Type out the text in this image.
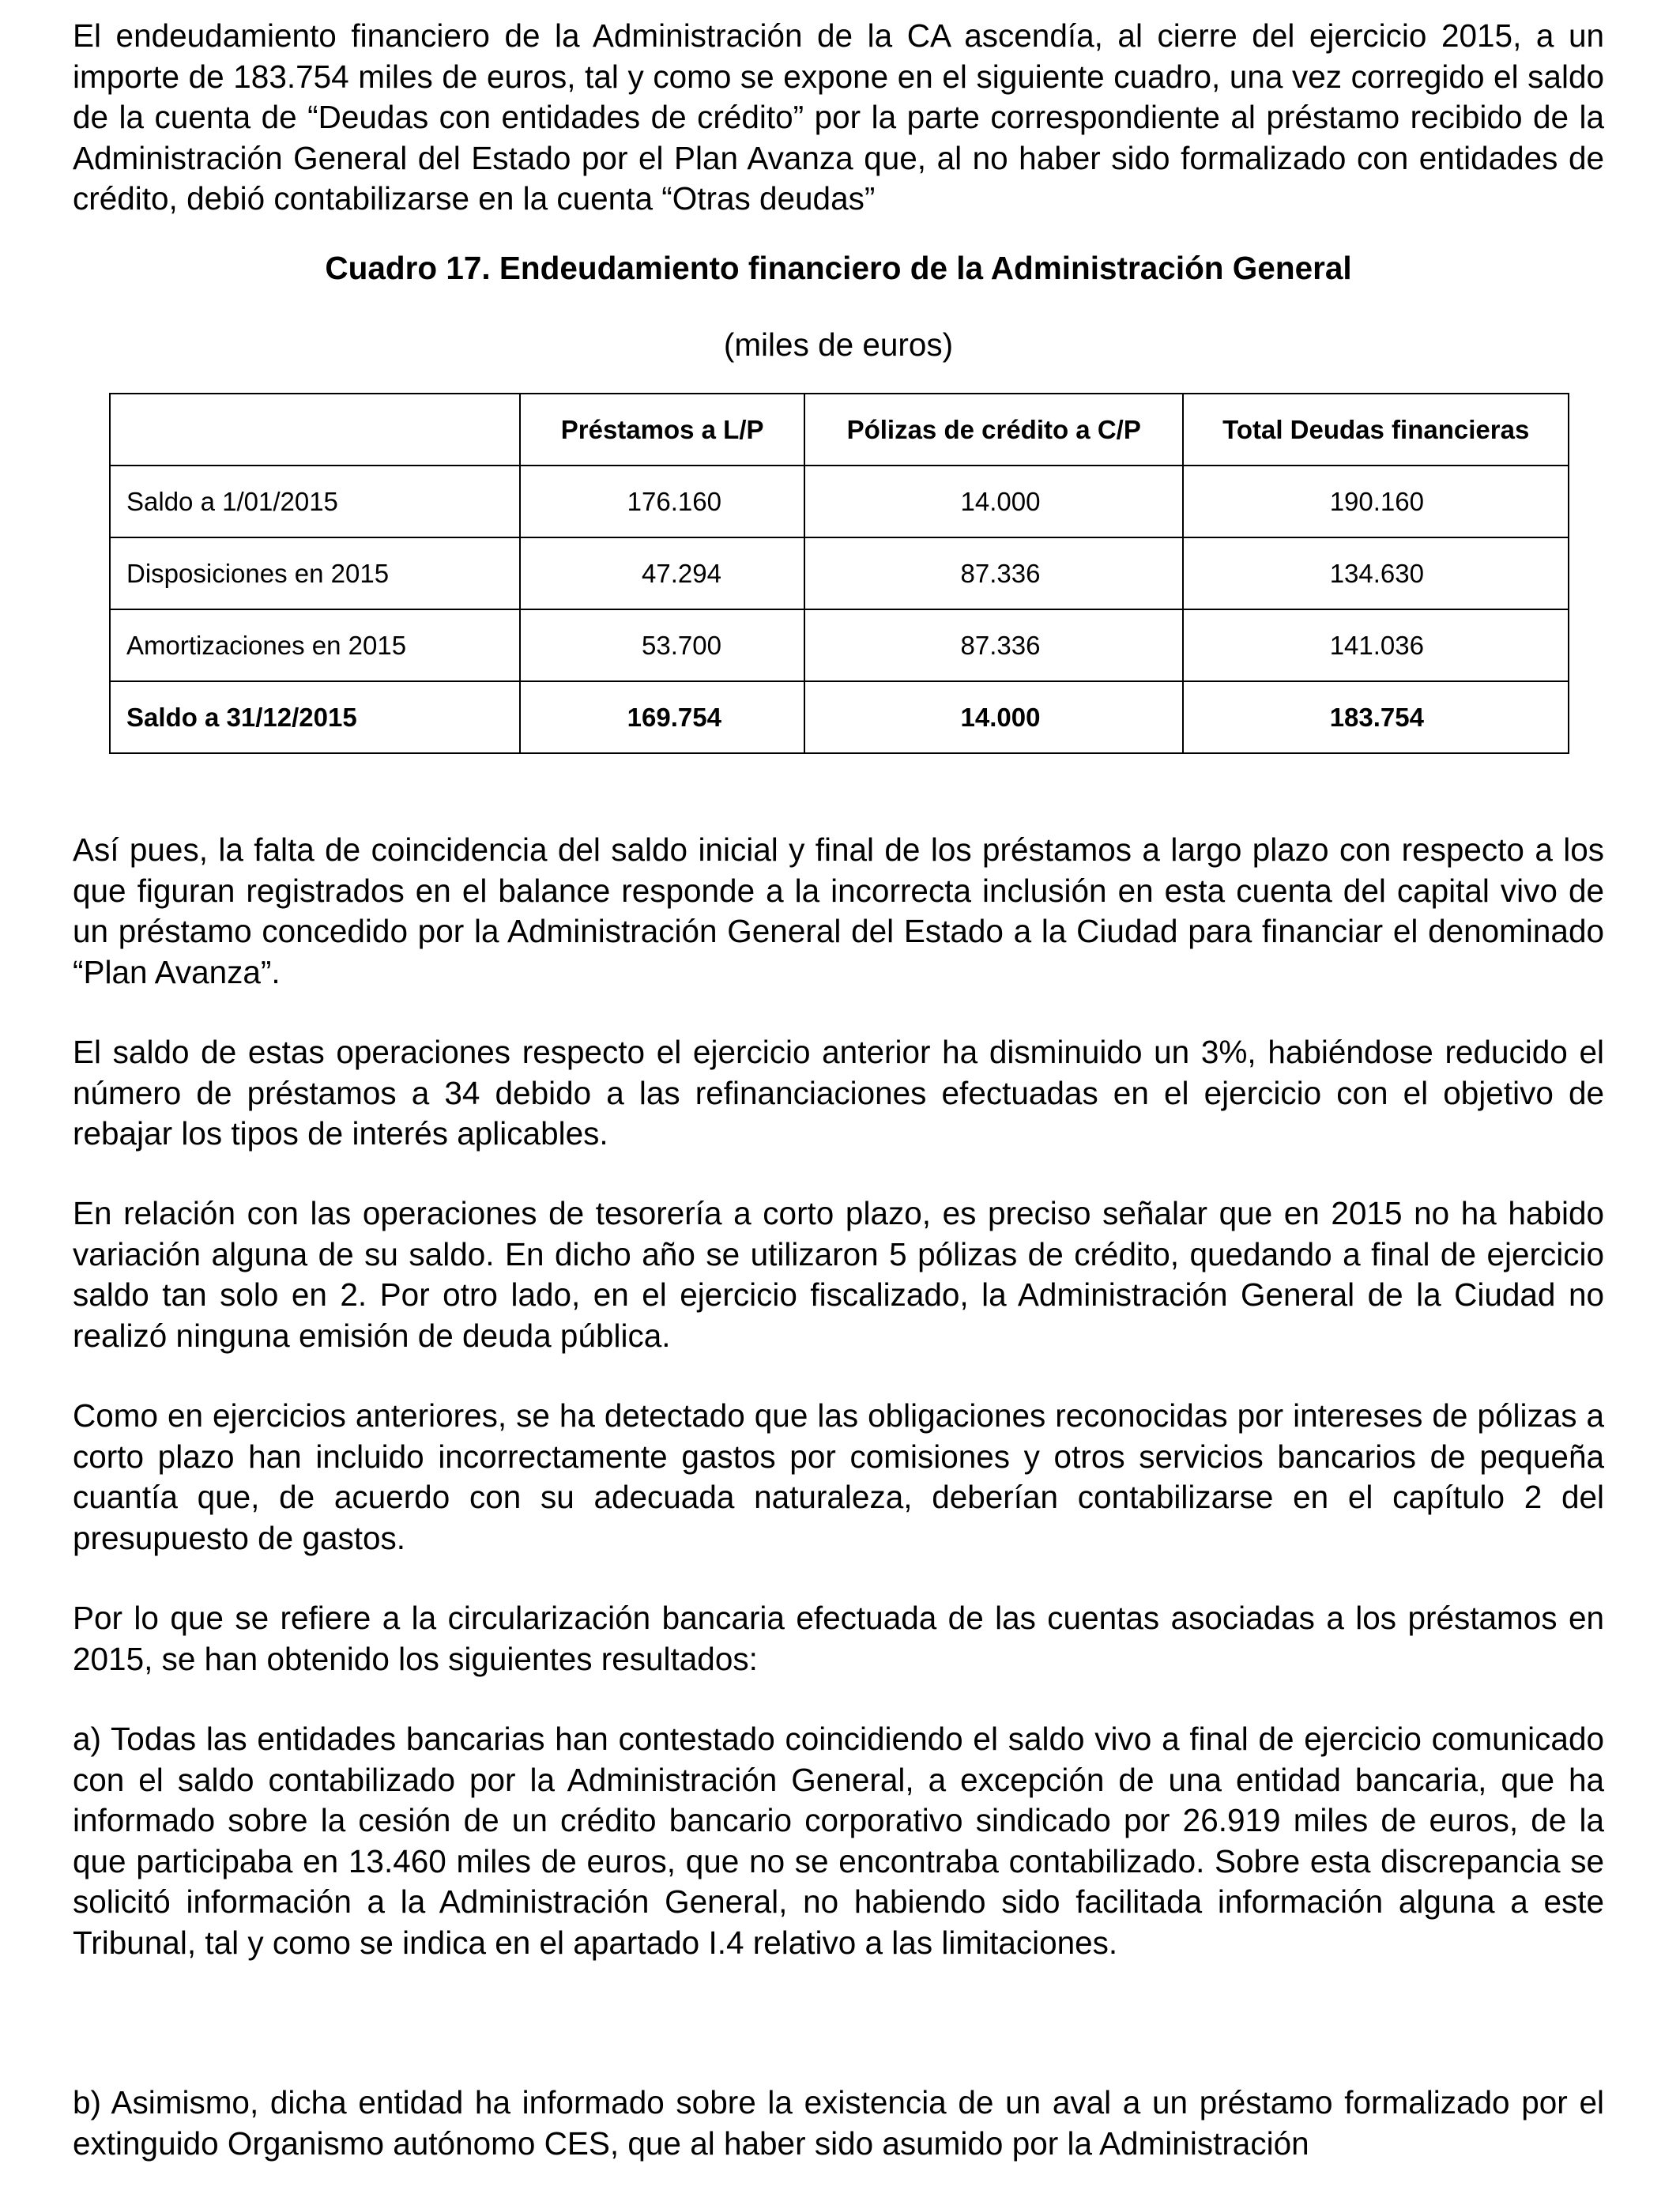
El endeudamiento financiero de la Administración de la CA ascendía, al cierre del ejercicio 2015, a un importe de 183.754 miles de euros, tal y como se expone en el siguiente cuadro, una vez corregido el saldo de la cuenta de “Deudas con entidades de crédito” por la parte correspondiente al préstamo recibido de la Administración General del Estado por el Plan Avanza que, al no haber sido formalizado con entidades de crédito, debió contabilizarse en la cuenta “Otras deudas”

Cuadro 17. Endeudamiento financiero de la Administración General

(miles de euros)

	Préstamos a L/P	Pólizas de crédito a C/P	Total Deudas financieras
Saldo a 1/01/2015	176.160	14.000	190.160
Disposiciones en 2015	47.294	87.336	134.630
Amortizaciones en 2015	53.700	87.336	141.036
Saldo a 31/12/2015	169.754	14.000	183.754

Así pues, la falta de coincidencia del saldo inicial y final de los préstamos a largo plazo con respecto a los que figuran registrados en el balance responde a la incorrecta inclusión en esta cuenta del capital vivo de un préstamo concedido por la Administración General del Estado a la Ciudad para financiar el denominado “Plan Avanza”.

El saldo de estas operaciones respecto el ejercicio anterior ha disminuido un 3%, habiéndose reducido el número de préstamos a 34 debido a las refinanciaciones efectuadas en el ejercicio con el objetivo de rebajar los tipos de interés aplicables.

En relación con las operaciones de tesorería a corto plazo, es preciso señalar que en 2015 no ha habido variación alguna de su saldo. En dicho año se utilizaron 5 pólizas de crédito, quedando a final de ejercicio saldo tan solo en 2. Por otro lado, en el ejercicio fiscalizado, la Administración General de la Ciudad no realizó ninguna emisión de deuda pública.

Como en ejercicios anteriores, se ha detectado que las obligaciones reconocidas por intereses de pólizas a corto plazo han incluido incorrectamente gastos por comisiones y otros servicios bancarios de pequeña cuantía que, de acuerdo con su adecuada naturaleza, deberían contabilizarse en el capítulo 2 del presupuesto de gastos.

Por lo que se refiere a la circularización bancaria efectuada de las cuentas asociadas a los préstamos en 2015, se han obtenido los siguientes resultados:

a) Todas las entidades bancarias han contestado coincidiendo el saldo vivo a final de ejercicio comunicado con el saldo contabilizado por la Administración General, a excepción de una entidad bancaria, que ha informado sobre la cesión de un crédito bancario corporativo sindicado por 26.919 miles de euros, de la que participaba en 13.460 miles de euros, que no se encontraba contabilizado. Sobre esta discrepancia se solicitó información a la Administración General, no habiendo sido facilitada información alguna a este Tribunal, tal y como se indica en el apartado I.4 relativo a las limitaciones.

b) Asimismo, dicha entidad ha informado sobre la existencia de un aval a un préstamo formalizado por el extinguido Organismo autónomo CES, que al haber sido asumido por la Administración
